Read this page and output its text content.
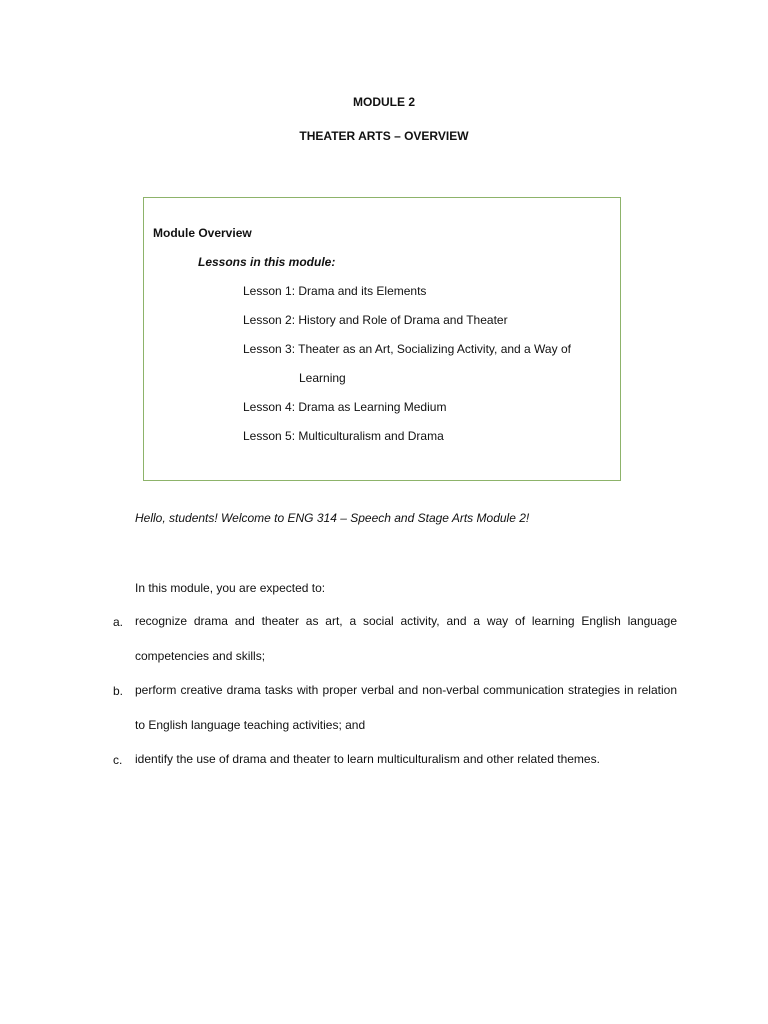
MODULE 2
THEATER ARTS – OVERVIEW
Module Overview
Lessons in this module:
Lesson 1: Drama and its Elements
Lesson 2: History and Role of Drama and Theater
Lesson 3: Theater as an Art, Socializing Activity, and a Way of
Learning
Lesson 4: Drama as Learning Medium
Lesson 5: Multiculturalism and Drama
Hello, students! Welcome to ENG 314 – Speech and Stage Arts Module 2!
In this module, you are expected to:
a. recognize drama and theater as art, a social activity, and a way of learning English language competencies and skills;
b. perform creative drama tasks with proper verbal and non-verbal communication strategies in relation to English language teaching activities; and
c. identify the use of drama and theater to learn multiculturalism and other related themes.
